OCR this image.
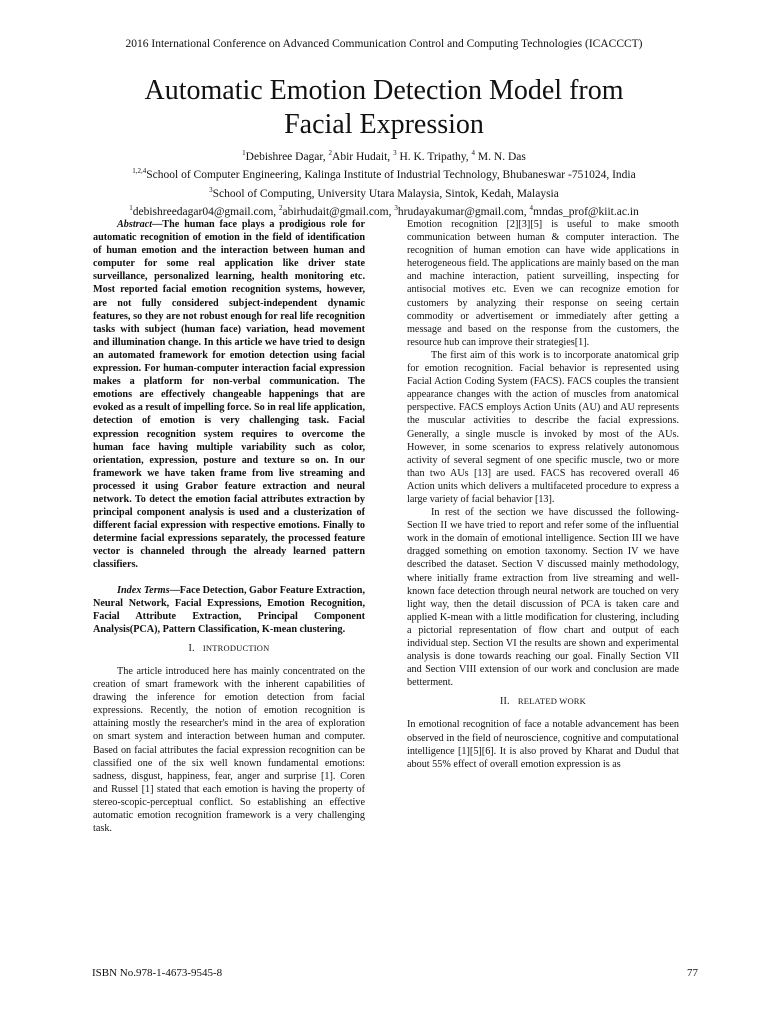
2016 International Conference on Advanced Communication Control and Computing Technologies (ICACCCT)
Automatic Emotion Detection Model from
Facial Expression
$^1$Debishree Dagar, $^2$Abir Hudait, $^3$ H. K. Tripathy, $^4$ M. N. Das
$^{1,2,4}$School of Computer Engineering, Kalinga Institute of Industrial Technology, Bhubaneswar -751024, India
$^3$School of Computing, University Utara Malaysia, Sintok, Kedah, Malaysia
$^1$debishreedagar04@gmail.com, $^2$abirhudait@gmail.com, $^3$hrudayakumar@gmail.com, $^4$mndas_prof@kiit.ac.in

Abstract—The human face plays a prodigious role for automatic recognition of emotion in the field of identification of human emotion and the interaction between human and computer for some real application like driver state surveillance, personalized learning, health monitoring etc. Most reported facial emotion recognition systems, however, are not fully considered subject-independent dynamic features, so they are not robust enough for real life recognition tasks with subject (human face) variation, head movement and illumination change. In this article we have tried to design an automated framework for emotion detection using facial expression. For human-computer interaction facial expression makes a platform for non-verbal communication. The emotions are effectively changeable happenings that are evoked as a result of impelling force. So in real life application, detection of emotion is very challenging task. Facial expression recognition system requires to overcome the human face having multiple variability such as color, orientation, expression, posture and texture so on. In our framework we have taken frame from live streaming and processed it using Grabor feature extraction and neural network. To detect the emotion facial attributes extraction by principal component analysis is used and a clusterization of different facial expression with respective emotions. Finally to determine facial expressions separately, the processed feature vector is channeled through the already learned pattern classifiers.

Index Terms—Face Detection, Gabor Feature Extraction, Neural Network, Facial Expressions, Emotion Recognition, Facial Attribute Extraction, Principal Component Analysis(PCA), Pattern Classification, K-mean clustering.

I. INTRODUCTION

The article introduced here has mainly concentrated on the creation of smart framework with the inherent capabilities of drawing the inference for emotion detection from facial expressions. Recently, the notion of emotion recognition is attaining mostly the researcher's mind in the area of exploration on smart system and interaction between human and computer. Based on facial attributes the facial expression recognition can be classified one of the six well known fundamental emotions: sadness, disgust, happiness, fear, anger and surprise [1]. Coren and Russel [1] stated that each emotion is having the property of stereo-scopic-perceptual conflict. So establishing an effective automatic emotion recognition framework is a very challenging task.

Emotion recognition [2][3][5] is useful to make smooth communication between human & computer interaction. The recognition of human emotion can have wide applications in heterogeneous field. The applications are mainly based on the man and machine interaction, patient surveilling, inspecting for antisocial motives etc. Even we can recognize emotion for customers by analyzing their response on seeing certain commodity or advertisement or immediately after getting a message and based on the response from the customers, the resource hub can improve their strategies[1].

The first aim of this work is to incorporate anatomical grip for emotion recognition. Facial behavior is represented using Facial Action Coding System (FACS). FACS couples the transient appearance changes with the action of muscles from anatomical perspective. FACS employs Action Units (AU) and AU represents the muscular activities to describe the facial expressions. Generally, a single muscle is invoked by most of the AUs. However, in some scenarios to express relatively autonomous activity of several segment of one specific muscle, two or more than two AUs [13] are used. FACS has recovered overall 46 Action units which delivers a multifaceted procedure to express a large variety of facial behavior [13].

In rest of the section we have discussed the following-Section II we have tried to report and refer some of the influential work in the domain of emotional intelligence. Section III we have dragged something on emotion taxonomy. Section IV we have described the dataset. Section V discussed mainly methodology, where initially frame extraction from live streaming and well-known face detection through neural network are touched on very light way, then the detail discussion of PCA is taken care and applied K-mean with a little modification for clustering, including a pictorial representation of flow chart and output of each individual step. Section VI the results are shown and experimental analysis is done towards reaching our goal. Finally Section VII and Section VIII extension of our work and conclusion are made betterment.

II. RELATED WORK

In emotional recognition of face a notable advancement has been observed in the field of neuroscience, cognitive and computational intelligence [1][5][6]. It is also proved by Kharat and Dudul that about 55% effect of overall emotion expression is as

ISBN No.978-1-4673-9545-8	77
